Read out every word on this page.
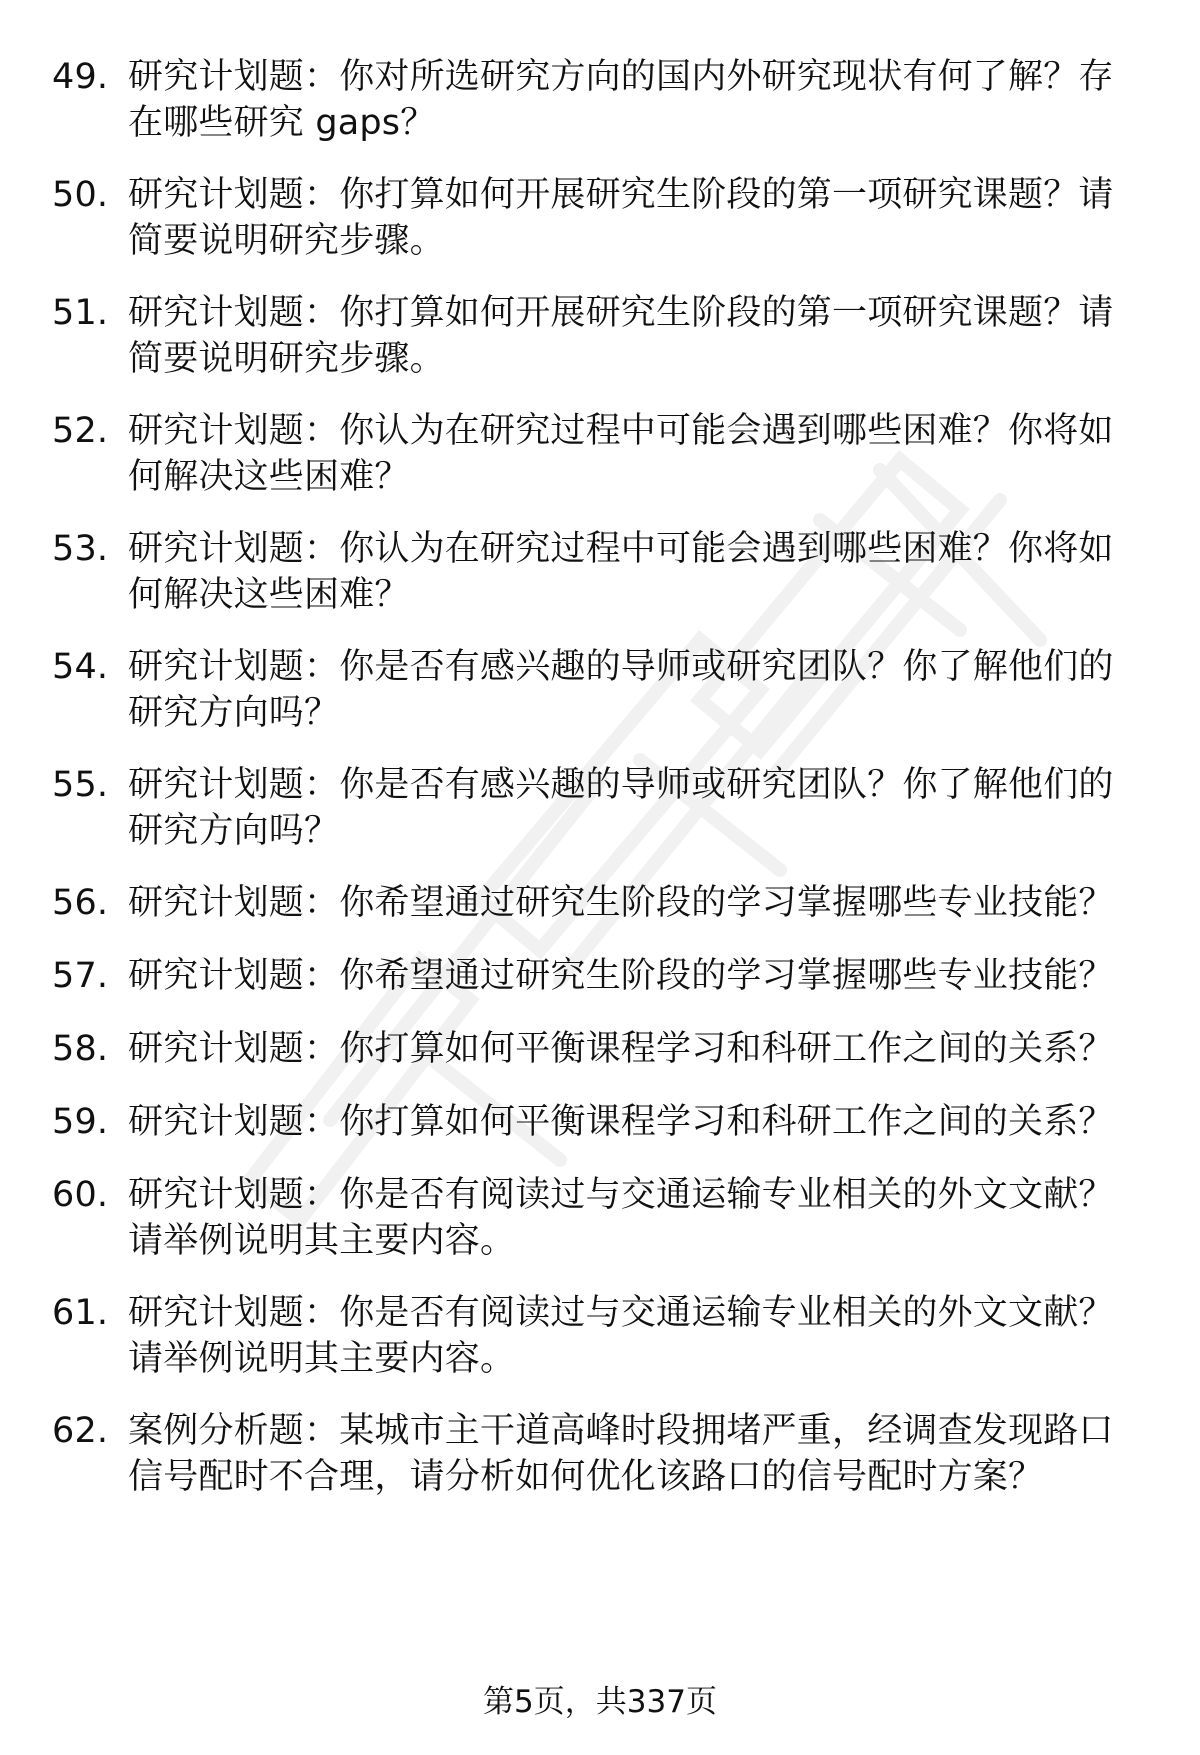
49. 研究计划题：你对所选研究方向的国内外研究现状有何了解？存
在哪些研究 gaps？
50. 研究计划题：你打算如何开展研究生阶段的第一项研究课题？请
简要说明研究步骤。
51. 研究计划题：你打算如何开展研究生阶段的第一项研究课题？请
简要说明研究步骤。
52. 研究计划题：你认为在研究过程中可能会遇到哪些困难？你将如
何解决这些困难？
53. 研究计划题：你认为在研究过程中可能会遇到哪些困难？你将如
何解决这些困难？
54. 研究计划题：你是否有感兴趣的导师或研究团队？你了解他们的
研究方向吗？
55. 研究计划题：你是否有感兴趣的导师或研究团队？你了解他们的
研究方向吗？
56. 研究计划题：你希望通过研究生阶段的学习掌握哪些专业技能？
57. 研究计划题：你希望通过研究生阶段的学习掌握哪些专业技能？
58. 研究计划题：你打算如何平衡课程学习和科研工作之间的关系？
59. 研究计划题：你打算如何平衡课程学习和科研工作之间的关系？
60. 研究计划题：你是否有阅读过与交通运输专业相关的外文文献？
请举例说明其主要内容。
61. 研究计划题：你是否有阅读过与交通运输专业相关的外文文献？
请举例说明其主要内容。
62. 案例分析题：某城市主干道高峰时段拥堵严重，经调查发现路口
信号配时不合理，请分析如何优化该路口的信号配时方案？
第5页，共337页
